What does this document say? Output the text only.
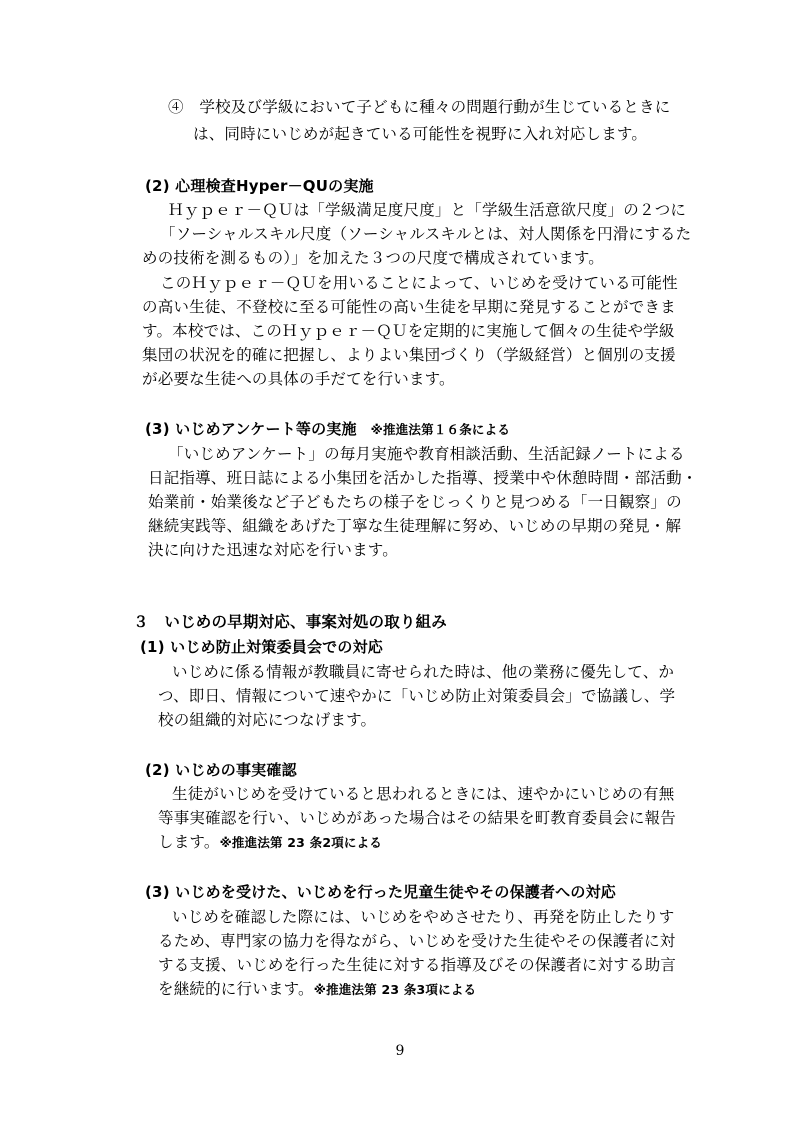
④　学校及び学級において子どもに種々の問題行動が生じているときに
は、同時にいじめが起きている可能性を視野に入れ対応します。
(2) 心理検査Hyper－QUの実施
Ｈｙｐｅｒ－ＱＵは「学級満足度尺度」と「学級生活意欲尺度」の２つに
「ソーシャルスキル尺度（ソーシャルスキルとは、対人関係を円滑にするた
めの技術を測るもの）」を加えた３つの尺度で構成されています。
このＨｙｐｅｒ－ＱＵを用いることによって、いじめを受けている可能性
の高い生徒、不登校に至る可能性の高い生徒を早期に発見することができま
す。本校では、このＨｙｐｅｒ－ＱＵを定期的に実施して個々の生徒や学級
集団の状況を的確に把握し、よりよい集団づくり（学級経営）と個別の支援
が必要な生徒への具体の手だてを行います。
(3) いじめアンケート等の実施 ※推進法第１６条による
「いじめアンケート」の毎月実施や教育相談活動、生活記録ノートによる
日記指導、班日誌による小集団を活かした指導、授業中や休憩時間・部活動・
始業前・始業後など子どもたちの様子をじっくりと見つめる「一日観察」の
継続実践等、組織をあげた丁寧な生徒理解に努め、いじめの早期の発見・解
決に向けた迅速な対応を行います。
３　いじめの早期対応、事案対処の取り組み
(1) いじめ防止対策委員会での対応
いじめに係る情報が教職員に寄せられた時は、他の業務に優先して、か
つ、即日、情報について速やかに「いじめ防止対策委員会」で協議し、学
校の組織的対応につなげます。
(2) いじめの事実確認
生徒がいじめを受けていると思われるときには、速やかにいじめの有無
等事実確認を行い、いじめがあった場合はその結果を町教育委員会に報告
します。※推進法第 23 条2項による
(3) いじめを受けた、いじめを行った児童生徒やその保護者への対応
いじめを確認した際には、いじめをやめさせたり、再発を防止したりす
るため、専門家の協力を得ながら、いじめを受けた生徒やその保護者に対
する支援、いじめを行った生徒に対する指導及びその保護者に対する助言
を継続的に行います。※推進法第 23 条3項による
9
